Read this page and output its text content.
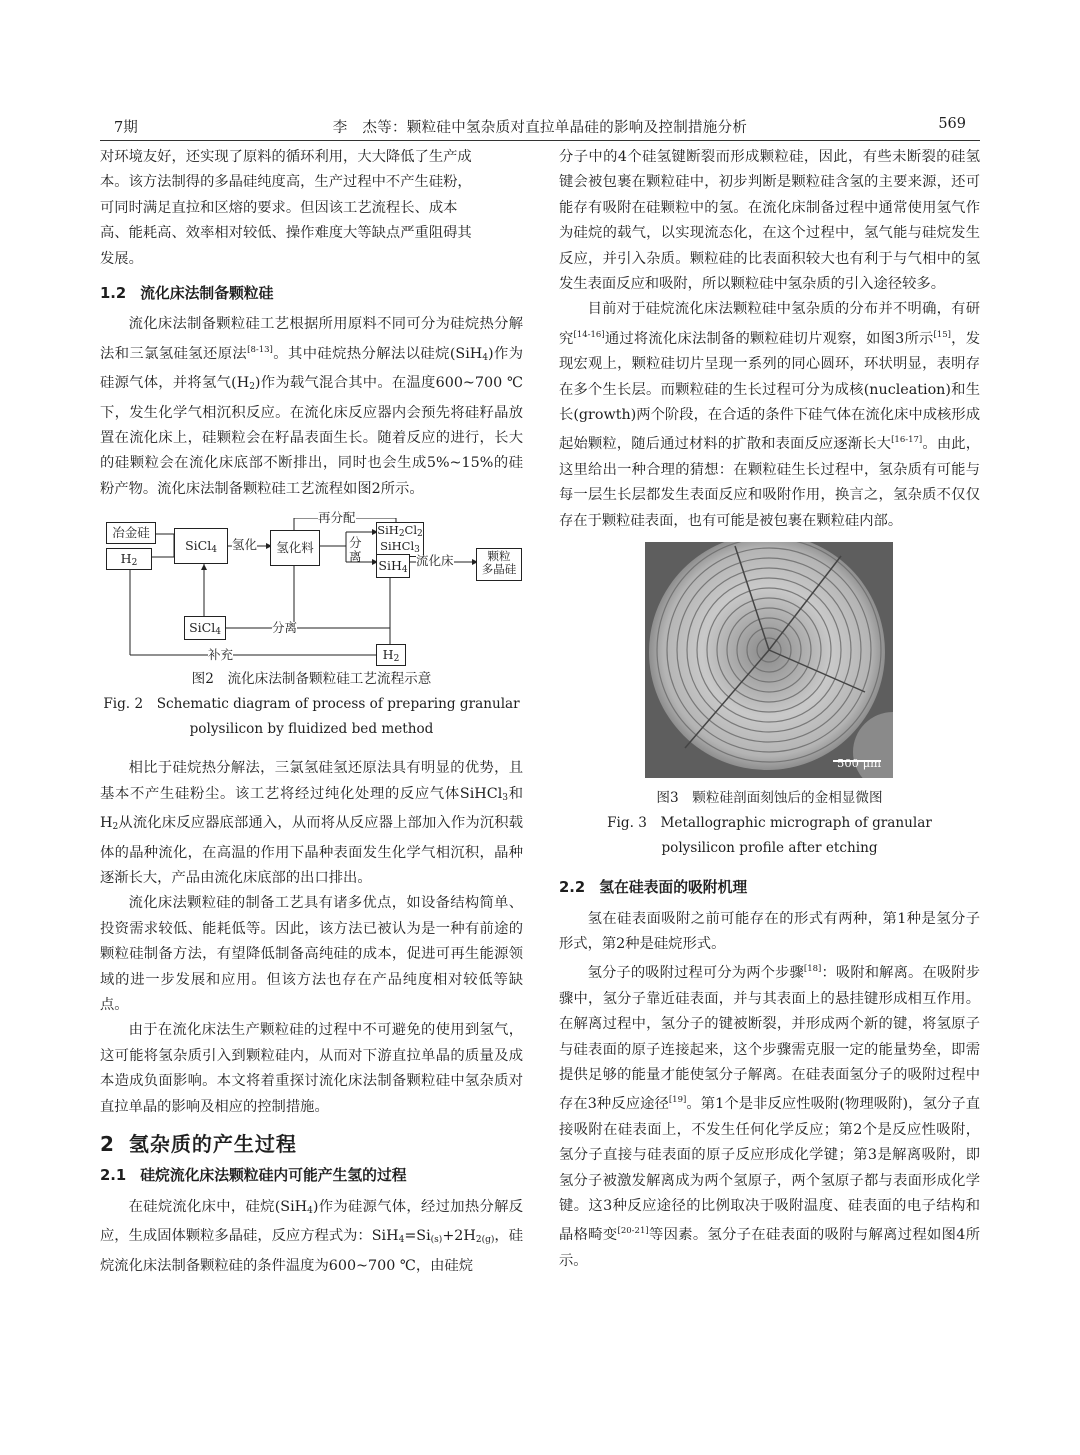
7期	李　杰等：颗粒硅中氢杂质对直拉单晶硅的影响及控制措施分析	569
对环境友好，还实现了原料的循环利用，大大降低了生产成
本。该方法制得的多晶硅纯度高，生产过程中不产生硅粉，
可同时满足直拉和区熔的要求。但因该工艺流程长、成本
高、能耗高、效率相对较低、操作难度大等缺点严重阻碍其
发展。
1.2 流化床法制备颗粒硅

流化床法制备颗粒硅工艺根据所用原料不同可分为硅烷热分解法和三氯氢硅氢还原法[8-13]。其中硅烷热分解法以硅烷(SiH$_4$)作为硅源气体，并将氢气$(H_2)$作为载气混合其中。在温度600~700 ℃下，发生化学气相沉积反应。在流化床反应器内会预先将硅籽晶放置在流化床上，硅颗粒会在籽晶表面生长。随着反应的进行，长大的硅颗粒会在流化床底部不断排出，同时也会生成5%~15%的硅粉产物。流化床法制备颗粒硅工艺流程如图2所示。

再分配
冶金硅
$H_2$
SiCl$_4$	氢化	氢化料	分离
$SiH_2Cl_2$
SiHCl$_3$
SiH$_4$
流化床	颗粒
多晶硅
SiCl$_4$	分离
补充	$H_2$

图2　流化床法制备颗粒硅工艺流程示意

Fig. 2　Schematic diagram of process of preparing granular

polysilicon by fluidized bed method

相比于硅烷热分解法，三氯氢硅氢还原法具有明显的优势，且基本不产生硅粉尘。该工艺将经过纯化处理的反应气体SiHCl$_3$和$H_2$从流化床反应器底部通入，从而将从反应器上部加入作为沉积载体的晶种流化，在高温的作用下晶种表面发生化学气相沉积，晶种逐渐长大，产品由流化床底部的出口排出。

流化床法颗粒硅的制备工艺具有诸多优点，如设备结构简单、投资需求较低、能耗低等。因此，该方法已被认为是一种有前途的颗粒硅制备方法，有望降低制备高纯硅的成本，促进可再生能源领域的进一步发展和应用。但该方法也存在产品纯度相对较低等缺点。

由于在流化床法生产颗粒硅的过程中不可避免的使用到氢气，这可能将氢杂质引入到颗粒硅内，从而对下游直拉单晶的质量及成本造成负面影响。本文将着重探讨流化床法制备颗粒硅中氢杂质对直拉单晶的影响及相应的控制措施。

2 氢杂质的产生过程
2.1 硅烷流化床法颗粒硅内可能产生氢的过程

在硅烷流化床中，硅烷(SiH$_4$)作为硅源气体，经过加热分解反应，生成固体颗粒多晶硅，反应方程式为：$SiH_4=Si_{(s)}+2H_{2(g)}$，硅烷流化床法制备颗粒硅的条件温度为600~700 ℃，由硅烷

分子中的4个硅氢键断裂而形成颗粒硅，因此，有些未断裂的硅氢键会被包裹在颗粒硅中，初步判断是颗粒硅含氢的主要来源，还可能存有吸附在硅颗粒中的氢。在流化床制备过程中通常使用氢气作为硅烷的载气，以实现流态化，在这个过程中，氢气能与硅烷发生反应，并引入杂质。颗粒硅的比表面积较大也有利于与气相中的氢发生表面反应和吸附，所以颗粒硅中氢杂质的引入途径较多。

目前对于硅烷流化床法颗粒硅中氢杂质的分布并不明确，有研究[14-16]通过将流化床法制备的颗粒硅切片观察，如图3所示[15]，发现宏观上，颗粒硅切片呈现一系列的同心圆环，环状明显，表明存在多个生长层。而颗粒硅的生长过程可分为成核(nucleation)和生长(growth)两个阶段，在合适的条件下硅气体在流化床中成核形成起始颗粒，随后通过材料的扩散和表面反应逐渐长大[16-17]。由此，这里给出一种合理的猜想：在颗粒硅生长过程中，氢杂质有可能与每一层生长层都发生表面反应和吸附作用，换言之，氢杂质不仅仅存在于颗粒硅表面，也有可能是被包裹在颗粒硅内部。

500 μm

图3　颗粒硅剖面刻蚀后的金相显微图

Fig. 3　Metallographic micrograph of granular

polysilicon profile after etching

2.2 氢在硅表面的吸附机理

氢在硅表面吸附之前可能存在的形式有两种，第1种是氢分子形式，第2种是硅烷形式。

氢分子的吸附过程可分为两个步骤[18]：吸附和解离。在吸附步骤中，氢分子靠近硅表面，并与其表面上的悬挂键形成相互作用。在解离过程中，氢分子的键被断裂，并形成两个新的键，将氢原子与硅表面的原子连接起来，这个步骤需克服一定的能量势垒，即需提供足够的能量才能使氢分子解离。在硅表面氢分子的吸附过程中存在3种反应途径[19]。第1个是非反应性吸附(物理吸附)，氢分子直接吸附在硅表面上，不发生任何化学反应；第2个是反应性吸附，氢分子直接与硅表面的原子反应形成化学键；第3是解离吸附，即氢分子被激发解离成为两个氢原子，两个氢原子都与表面形成化学键。这3种反应途径的比例取决于吸附温度、硅表面的电子结构和晶格畸变[20-21]等因素。氢分子在硅表面的吸附与解离过程如图4所示。
